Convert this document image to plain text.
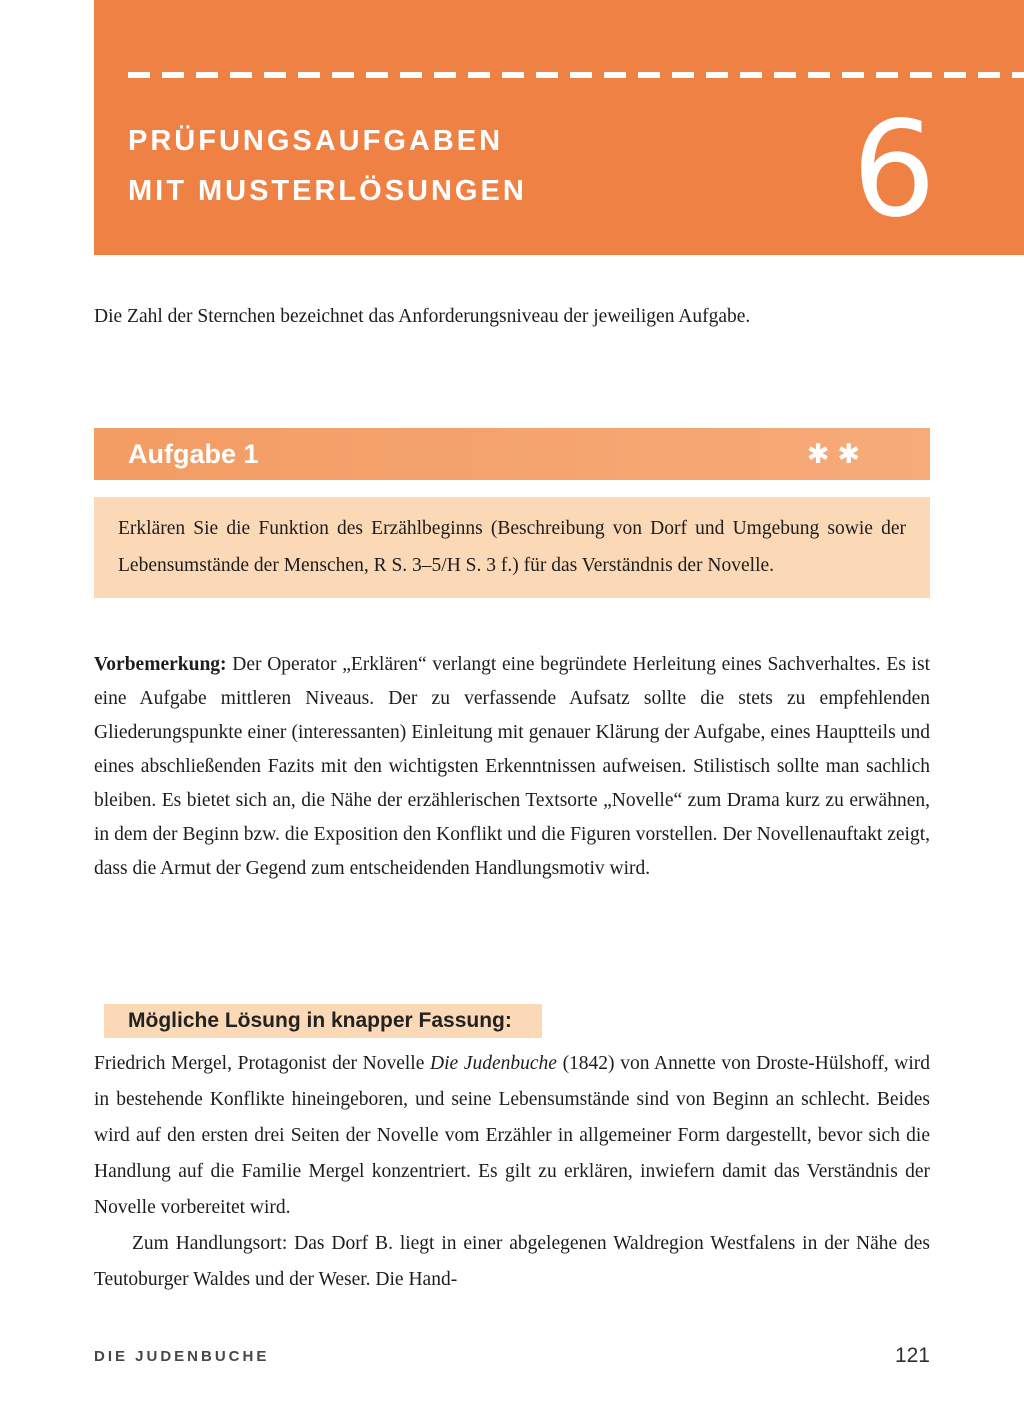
PRÜFUNGSAUFGABEN
MIT MUSTERLÖSUNGEN 6
Die Zahl der Sternchen bezeichnet das Anforderungsniveau der jeweiligen Aufgabe.
Aufgabe 1	✱✱
Erklären Sie die Funktion des Erzählbeginns (Beschreibung von Dorf und Umgebung sowie der Lebensumstände der Menschen, R S. 3–5/H S. 3 f.) für das Verständnis der Novelle.
Vorbemerkung: Der Operator „Erklären“ verlangt eine begründete Herleitung eines Sachverhaltes. Es ist eine Aufgabe mittleren Niveaus. Der zu verfassende Aufsatz sollte die stets zu empfehlenden Gliederungspunkte einer (interessanten) Einleitung mit genauer Klärung der Aufgabe, eines Hauptteils und eines abschließenden Fazits mit den wichtigsten Erkenntnissen aufweisen. Stilistisch sollte man sachlich bleiben. Es bietet sich an, die Nähe der erzählerischen Textsorte „Novelle“ zum Drama kurz zu erwähnen, in dem der Beginn bzw. die Exposition den Konflikt und die Figuren vorstellen. Der Novellenauftakt zeigt, dass die Armut der Gegend zum entscheidenden Handlungsmotiv wird.
Mögliche Lösung in knapper Fassung:

Friedrich Mergel, Protagonist der Novelle Die Judenbuche (1842) von Annette von Droste-Hülshoff, wird in bestehende Konflikte hineingeboren, und seine Lebensumstände sind von Beginn an schlecht. Beides wird auf den ersten drei Seiten der Novelle vom Erzähler in allgemeiner Form dargestellt, bevor sich die Handlung auf die Familie Mergel konzentriert. Es gilt zu erklären, inwiefern damit das Verständnis der Novelle vorbereitet wird.

Zum Handlungsort: Das Dorf B. liegt in einer abgelegenen Waldregion Westfalens in der Nähe des Teutoburger Waldes und der Weser. Die Hand-

DIE JUDENBUCHE	121
